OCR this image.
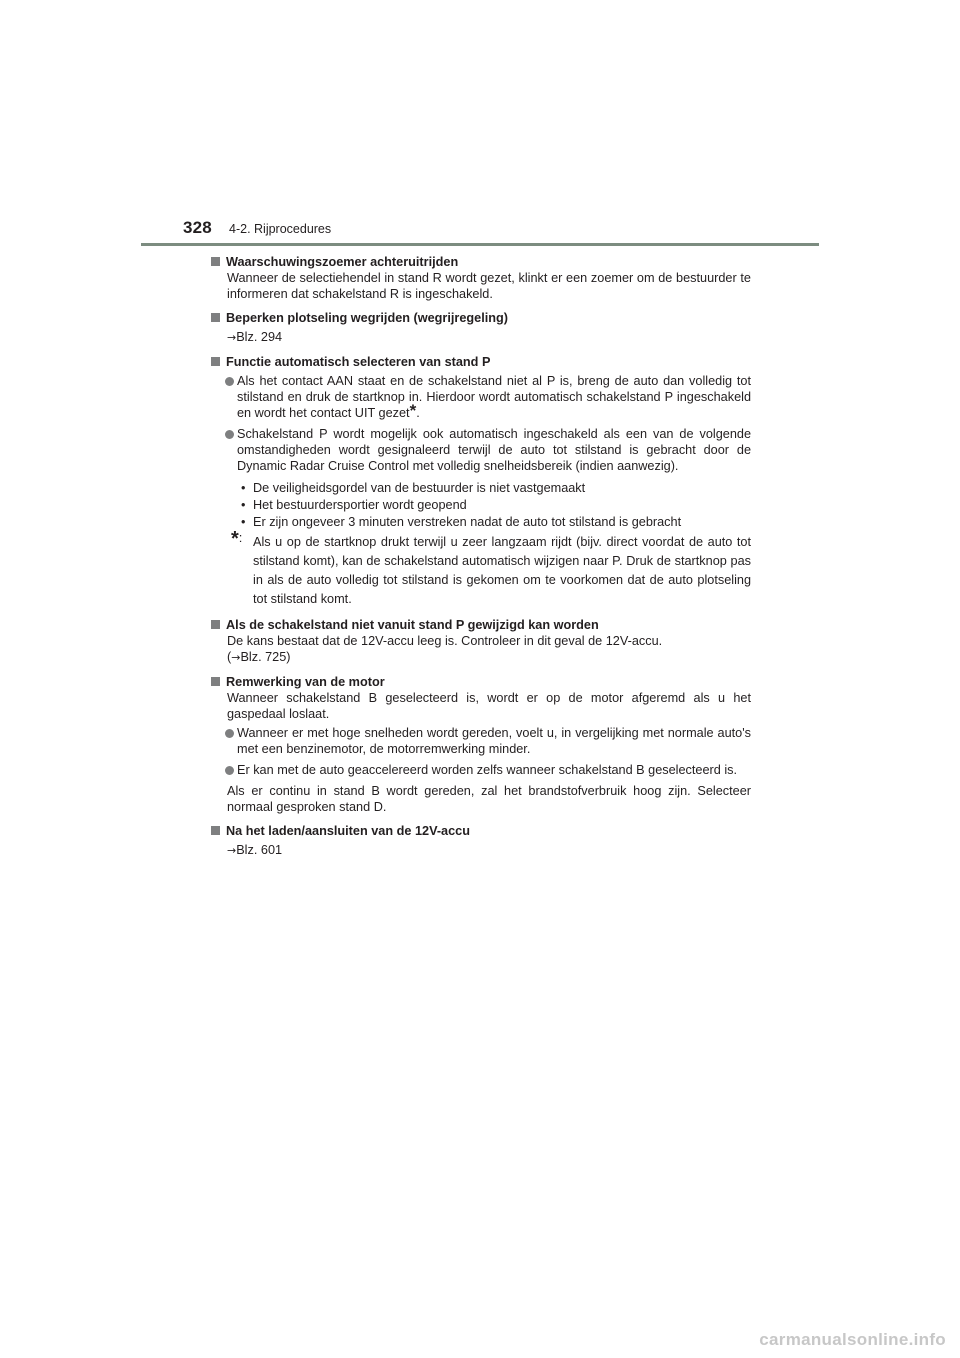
328 4-2. Rijprocedures
Waarschuwingszoemer achteruitrijden
Wanneer de selectiehendel in stand R wordt gezet, klinkt er een zoemer om de bestuurder te informeren dat schakelstand R is ingeschakeld.
Beperken plotseling wegrijden (wegrijregeling)
→Blz. 294
Functie automatisch selecteren van stand P
Als het contact AAN staat en de schakelstand niet al P is, breng de auto dan volledig tot stilstand en druk de startknop in. Hierdoor wordt automatisch schakelstand P ingeschakeld en wordt het contact UIT gezet*.
Schakelstand P wordt mogelijk ook automatisch ingeschakeld als een van de volgende omstandigheden wordt gesignaleerd terwijl de auto tot stilstand is gebracht door de Dynamic Radar Cruise Control met volledig snelheidsbereik (indien aanwezig).
• De veiligheidsgordel van de bestuurder is niet vastgemaakt
• Het bestuurdersportier wordt geopend
• Er zijn ongeveer 3 minuten verstreken nadat de auto tot stilstand is gebracht
*: Als u op de startknop drukt terwijl u zeer langzaam rijdt (bijv. direct voordat de auto tot stilstand komt), kan de schakelstand automatisch wijzigen naar P. Druk de startknop pas in als de auto volledig tot stilstand is gekomen om te voorkomen dat de auto plotseling tot stilstand komt.
Als de schakelstand niet vanuit stand P gewijzigd kan worden
De kans bestaat dat de 12V-accu leeg is. Controleer in dit geval de 12V-accu.
(→Blz. 725)
Remwerking van de motor
Wanneer schakelstand B geselecteerd is, wordt er op de motor afgeremd als u het gaspedaal loslaat.
Wanneer er met hoge snelheden wordt gereden, voelt u, in vergelijking met normale auto's met een benzinemotor, de motorremwerking minder.
Er kan met de auto geaccelereerd worden zelfs wanneer schakelstand B geselecteerd is.
Als er continu in stand B wordt gereden, zal het brandstofverbruik hoog zijn. Selecteer normaal gesproken stand D.
Na het laden/aansluiten van de 12V-accu
→Blz. 601
carmanualsonline.info
